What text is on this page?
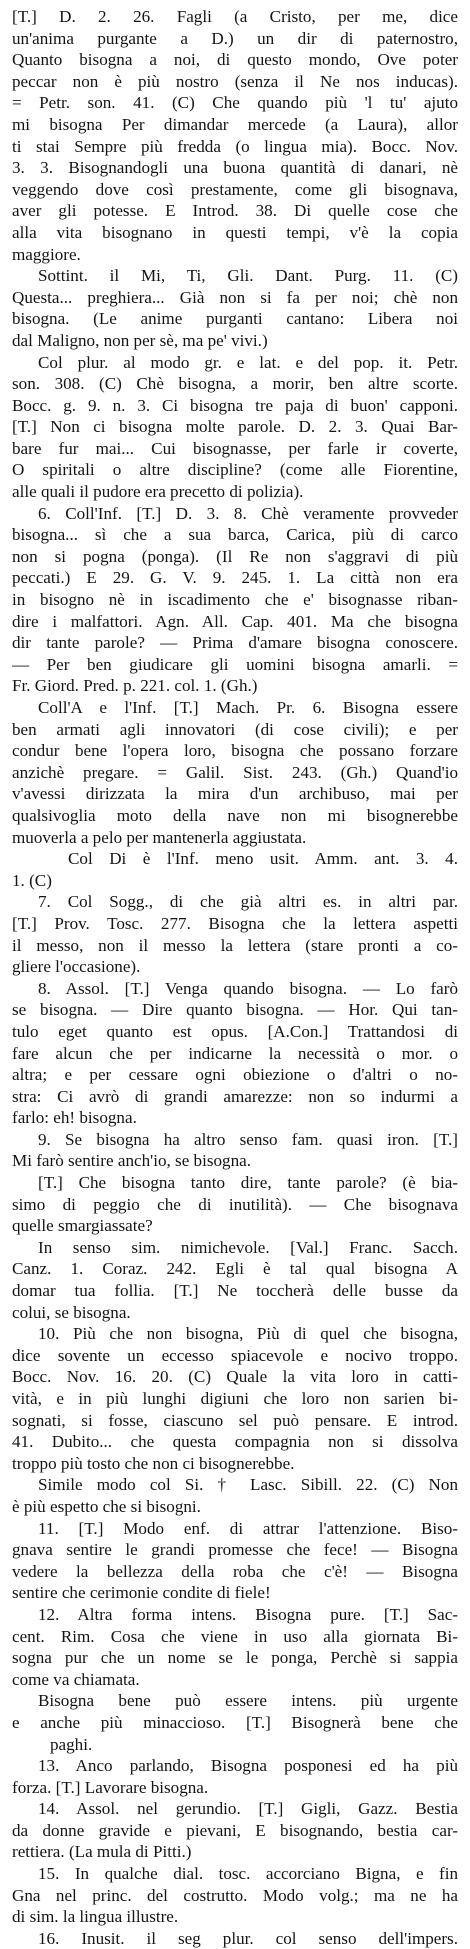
[T.] D. 2. 26. Fagli (a Cristo, per me, dice
un'anima purgante a D.) un dir di paternostro,
Quanto bisogna a noi, di questo mondo, Ove poter
peccar non è più nostro (senza il Ne nos inducas).
= Petr. son. 41. (C) Che quando più 'l tu' ajuto
mi bisogna Per dimandar mercede (a Laura), allor
ti stai Sempre più fredda (o lingua mia). Bocc. Nov.
3. 3. Bisognandogli una buona quantità di danari, nè
veggendo dove così prestamente, come gli bisognava,
aver gli potesse. E Introd. 38. Di quelle cose che
alla vita bisognano in questi tempi, v'è la copia
maggiore.
Sottint. il Mi, Ti, Gli. Dant. Purg. 11. (C)
Questa... preghiera... Già non si fa per noi; chè non
bisogna. (Le anime purganti cantano: Libera noi
dal Maligno, non per sè, ma pe' vivi.)
Col plur. al modo gr. e lat. e del pop. it. Petr.
son. 308. (C) Chè bisogna, a morir, ben altre scorte.
Bocc. g. 9. n. 3. Ci bisogna tre paja di buon' capponi.
[T.] Non ci bisogna molte parole. D. 2. 3. Quai Bar-
bare fur mai... Cui bisognasse, per farle ir coverte,
O spiritali o altre discipline? (come alle Fiorentine,
alle quali il pudore era precetto di polizia).
6. Coll'Inf. [T.] D. 3. 8. Chè veramente provveder
bisogna... sì che a sua barca, Carica, più di carco
non si pogna (ponga). (Il Re non s'aggravi di più
peccati.) E 29. G. V. 9. 245. 1. La città non era
in bisogno nè in iscadimento che e' bisognasse riban-
dire i malfattori. Agn. All. Cap. 401. Ma che bisogna
dir tante parole? — Prima d'amare bisogna conoscere.
— Per ben giudicare gli uomini bisogna amarli. =
Fr. Giord. Pred. p. 221. col. 1. (Gh.)
Coll'A e l'Inf. [T.] Mach. Pr. 6. Bisogna essere
ben armati agli innovatori (di cose civili); e per
condur bene l'opera loro, bisogna che possano forzare
anzichè pregare. = Galil. Sist. 243. (Gh.) Quand'io
v'avessi dirizzata la mira d'un archibuso, mai per
qualsivoglia moto della nave non mi bisognerebbe
muoverla a pelo per mantenerla aggiustata.
Col Di è l'Inf. meno usit. Amm. ant. 3. 4.
1. (C)
7. Col Sogg., di che già altri es. in altri par.
[T.] Prov. Tosc. 277. Bisogna che la lettera aspetti
il messo, non il messo la lettera (stare pronti a co-
gliere l'occasione).
8. Assol. [T.] Venga quando bisogna. — Lo farò
se bisogna. — Dire quanto bisogna. — Hor. Qui tan-
tulo eget quanto est opus. [A.Con.] Trattandosi di
fare alcun che per indicarne la necessità o mor. o
altra; e per cessare ogni obiezione o d'altri o no-
stra: Ci avrò di grandi amarezze: non so indurmi a
farlo: eh! bisogna.
9. Se bisogna ha altro senso fam. quasi iron. [T.]
Mi farò sentire anch'io, se bisogna.
[T.] Che bisogna tanto dire, tante parole? (è bia-
simo di peggio che di inutilità). — Che bisognava
quelle smargiassate?
In senso sim. nimichevole. [Val.] Franc. Sacch.
Canz. 1. Coraz. 242. Egli è tal qual bisogna A
domar tua follia. [T.] Ne toccherà delle busse da
colui, se bisogna.
10. Più che non bisogna, Più di quel che bisogna,
dice sovente un eccesso spiacevole e nocivo troppo.
Bocc. Nov. 16. 20. (C) Quale la vita loro in catti-
vità, e in più lunghi digiuni che loro non sarien bi-
sognati, si fosse, ciascuno sel può pensare. E introd.
41. Dubito... che questa compagnia non si dissolva
troppo più tosto che non ci bisognerebbe.
Simile modo col Si. † Lasc. Sibill. 22. (C) Non
è più espetto che si bisogni.
11. [T.] Modo enf. di attrar l'attenzione. Biso-
gnava sentire le grandi promesse che fece! — Bisogna
vedere la bellezza della roba che c'è! — Bisogna
sentire che cerimonie condite di fiele!
12. Altra forma intens. Bisogna pure. [T.] Sac-
cent. Rim. Cosa che viene in uso alla giornata Bi-
sogna pur che un nome se le ponga, Perchè si sappia
come va chiamata.
Bisogna bene può essere intens. più urgente
e anche più minaccioso. [T.] Bisognerà bene che
paghi.
13. Anco parlando, Bisogna posponesi ed ha più
forza. [T.] Lavorare bisogna.
14. Assol. nel gerundio. [T.] Gigli, Gazz. Bestia
da donne gravide e pievani, E bisognando, bestia car-
rettiera. (La mula di Pitti.)
15. In qualche dial. tosc. accorciano Bigna, e fin
Gna nel princ. del costrutto. Modo volg.; ma ne ha
di sim. la lingua illustre.
16. Inusit. il seg plur. col senso dell'impers.
